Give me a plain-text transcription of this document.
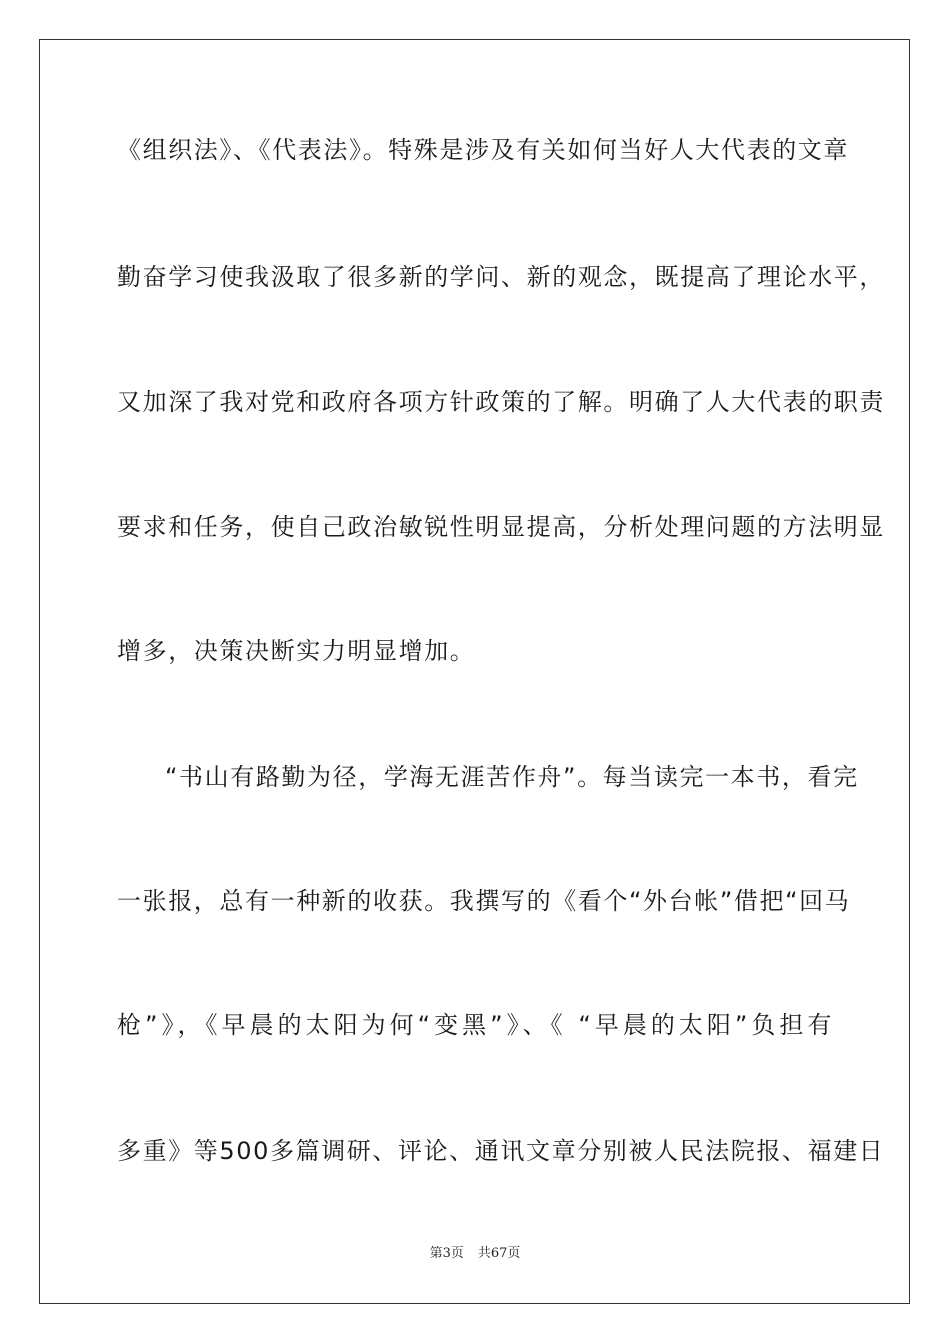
《组织法》、《代表法》。特殊是涉及有关如何当好人大代表的文章
勤奋学习使我汲取了很多新的学问、新的观念，既提高了理论水平，
又加深了我对党和政府各项方针政策的了解。明确了人大代表的职责
要求和任务，使自己政治敏锐性明显提高，分析处理问题的方法明显
增多，决策决断实力明显增加。
“书山有路勤为径，学海无涯苦作舟”。每当读完一本书，看完
一张报，总有一种新的收获。我撰写的《看个“外台帐”借把“回马
枪”》，《早晨的太阳为何“变黑”》、《 “早晨的太阳”负担有
多重》等500多篇调研、评论、通讯文章分别被人民法院报、福建日
第3页 共67页
